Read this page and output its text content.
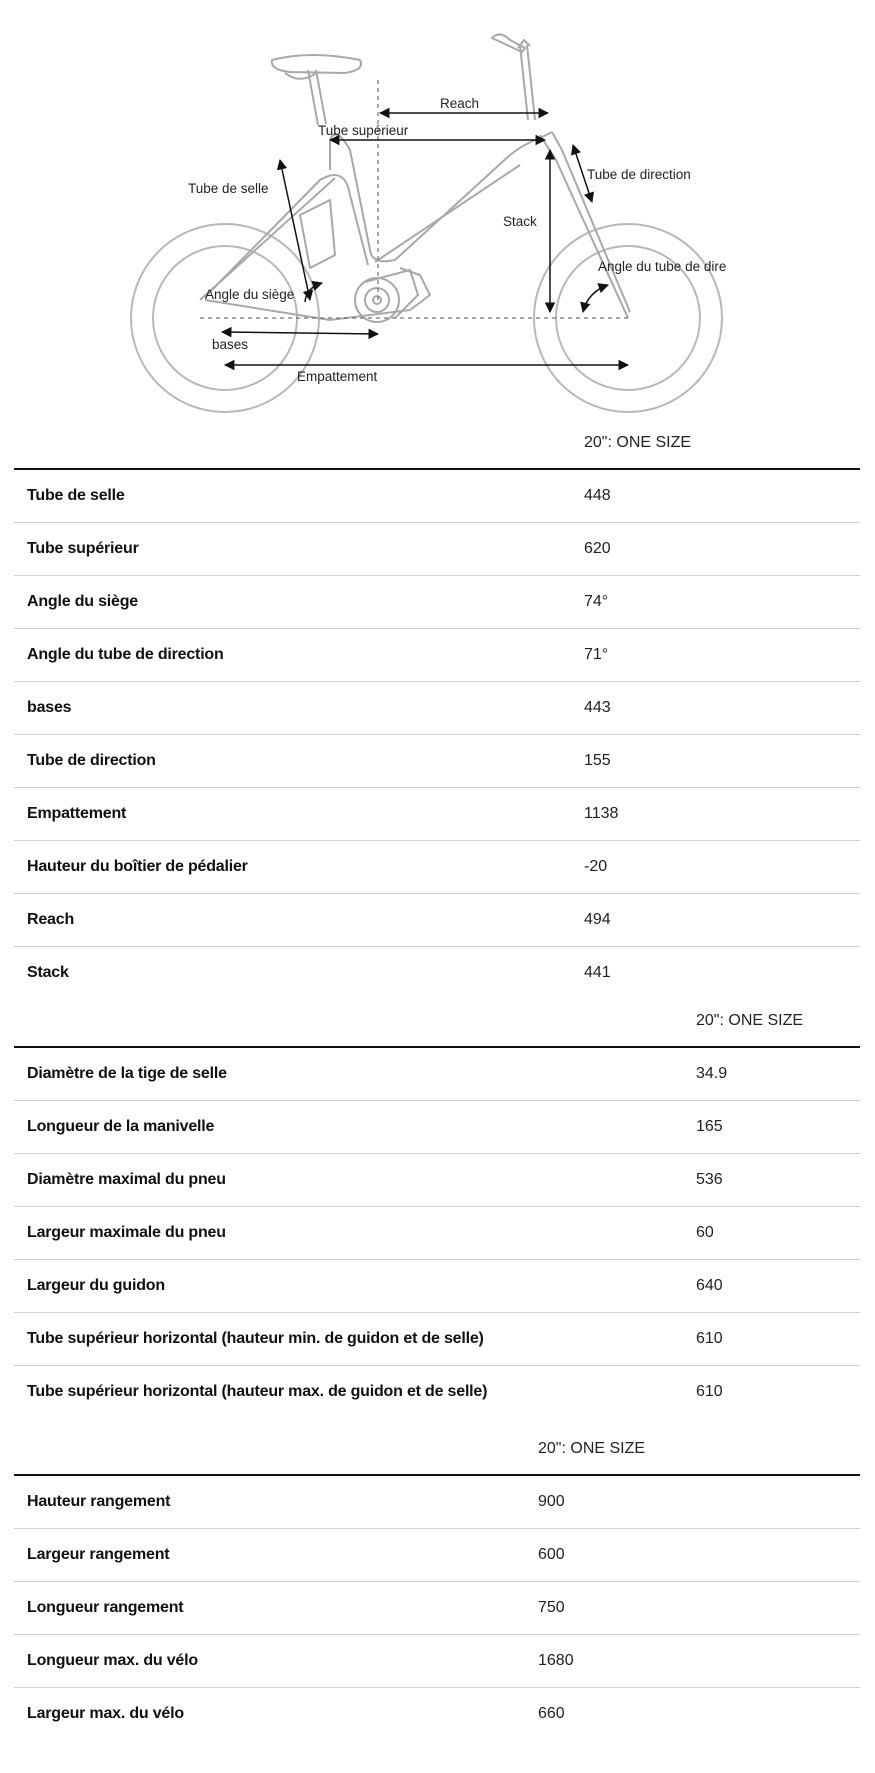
Reach
Tube supérieur
Tube de selle
Tube de direction
Stack
Angle du tube de dire
Angle du siège
bases
Empattement
	20": ONE SIZE
Tube de selle	448
Tube supérieur	620
Angle du siège	74°
Angle du tube de direction	71°
bases	443
Tube de direction	155
Empattement	1138
Hauteur du boîtier de pédalier	-20
Reach	494
Stack	441
	20": ONE SIZE
Diamètre de la tige de selle	34.9
Longueur de la manivelle	165
Diamètre maximal du pneu	536
Largeur maximale du pneu	60
Largeur du guidon	640
Tube supérieur horizontal (hauteur min. de guidon et de selle)	610
Tube supérieur horizontal (hauteur max. de guidon et de selle)	610
	20": ONE SIZE
Hauteur rangement	900
Largeur rangement	600
Longueur rangement	750
Longueur max. du vélo	1680
Largeur max. du vélo	660
